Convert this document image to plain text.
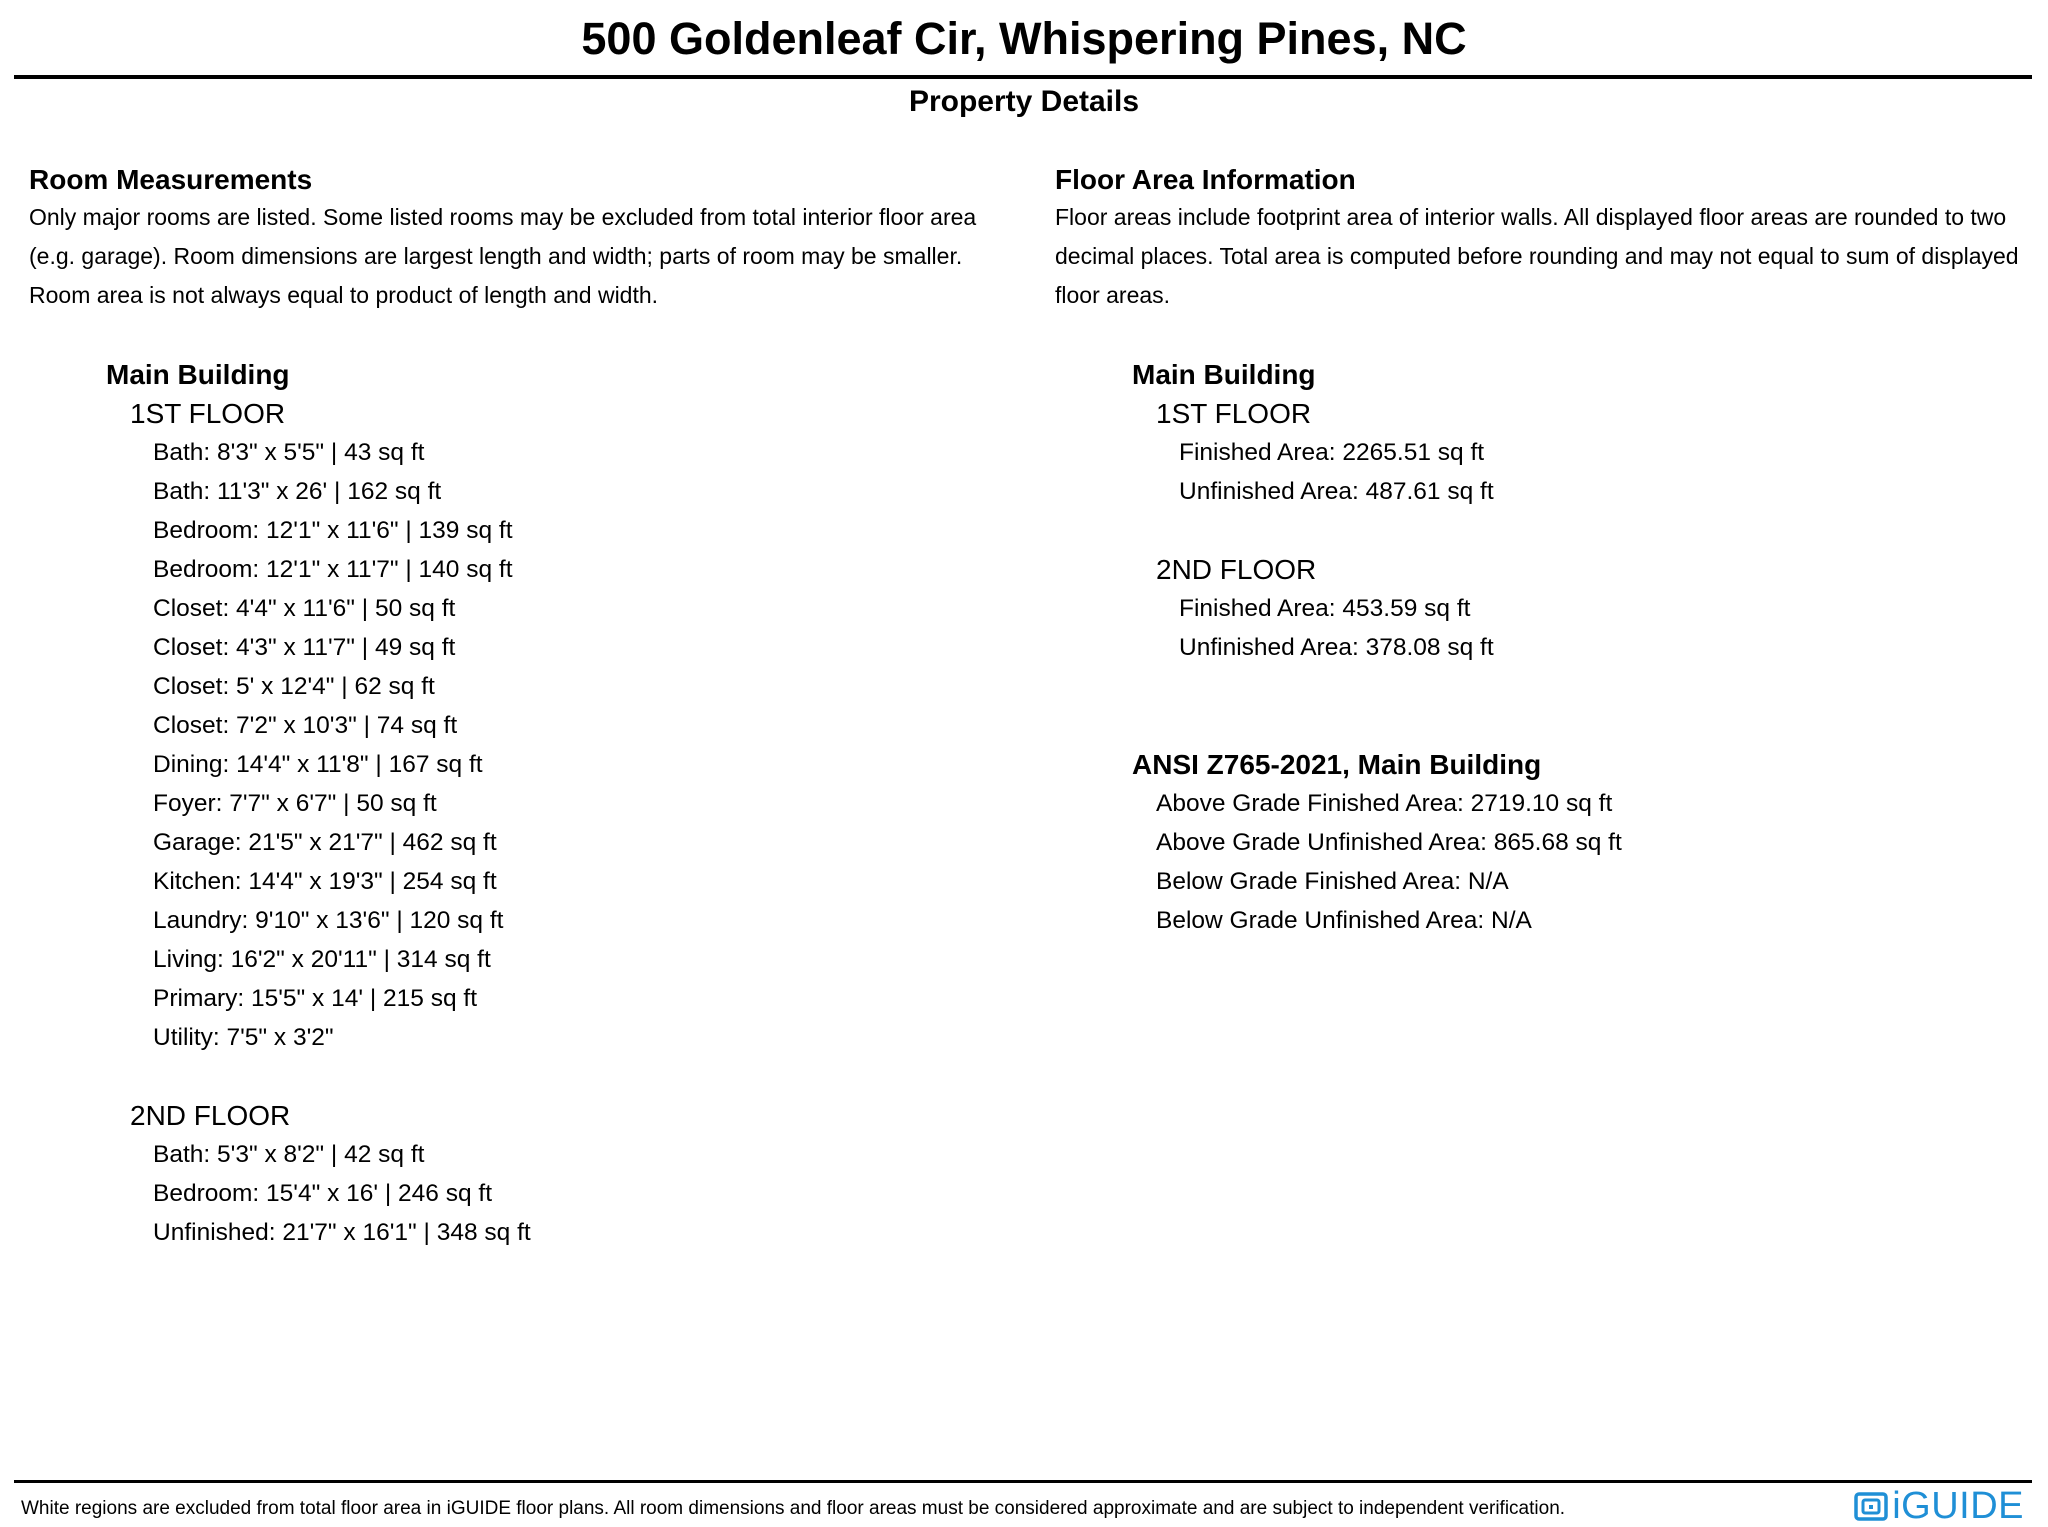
500 Goldenleaf Cir, Whispering Pines, NC
Property Details
Room Measurements
Only major rooms are listed. Some listed rooms may be excluded from total interior floor area
(e.g. garage). Room dimensions are largest length and width; parts of room may be smaller.
Room area is not always equal to product of length and width.
Main Building
1ST FLOOR
Bath: 8'3" x 5'5" | 43 sq ft
Bath: 11'3" x 26' | 162 sq ft
Bedroom: 12'1" x 11'6" | 139 sq ft
Bedroom: 12'1" x 11'7" | 140 sq ft
Closet: 4'4" x 11'6" | 50 sq ft
Closet: 4'3" x 11'7" | 49 sq ft
Closet: 5' x 12'4" | 62 sq ft
Closet: 7'2" x 10'3" | 74 sq ft
Dining: 14'4" x 11'8" | 167 sq ft
Foyer: 7'7" x 6'7" | 50 sq ft
Garage: 21'5" x 21'7" | 462 sq ft
Kitchen: 14'4" x 19'3" | 254 sq ft
Laundry: 9'10" x 13'6" | 120 sq ft
Living: 16'2" x 20'11" | 314 sq ft
Primary: 15'5" x 14' | 215 sq ft
Utility: 7'5" x 3'2"
2ND FLOOR
Bath: 5'3" x 8'2" | 42 sq ft
Bedroom: 15'4" x 16' | 246 sq ft
Unfinished: 21'7" x 16'1" | 348 sq ft
Floor Area Information
Floor areas include footprint area of interior walls. All displayed floor areas are rounded to two
decimal places. Total area is computed before rounding and may not equal to sum of displayed
floor areas.
Main Building
1ST FLOOR
Finished Area: 2265.51 sq ft
Unfinished Area: 487.61 sq ft
2ND FLOOR
Finished Area: 453.59 sq ft
Unfinished Area: 378.08 sq ft
ANSI Z765-2021, Main Building
Above Grade Finished Area: 2719.10 sq ft
Above Grade Unfinished Area: 865.68 sq ft
Below Grade Finished Area: N/A
Below Grade Unfinished Area: N/A
White regions are excluded from total floor area in iGUIDE floor plans. All room dimensions and floor areas must be considered approximate and are subject to independent verification.	iGUIDE
